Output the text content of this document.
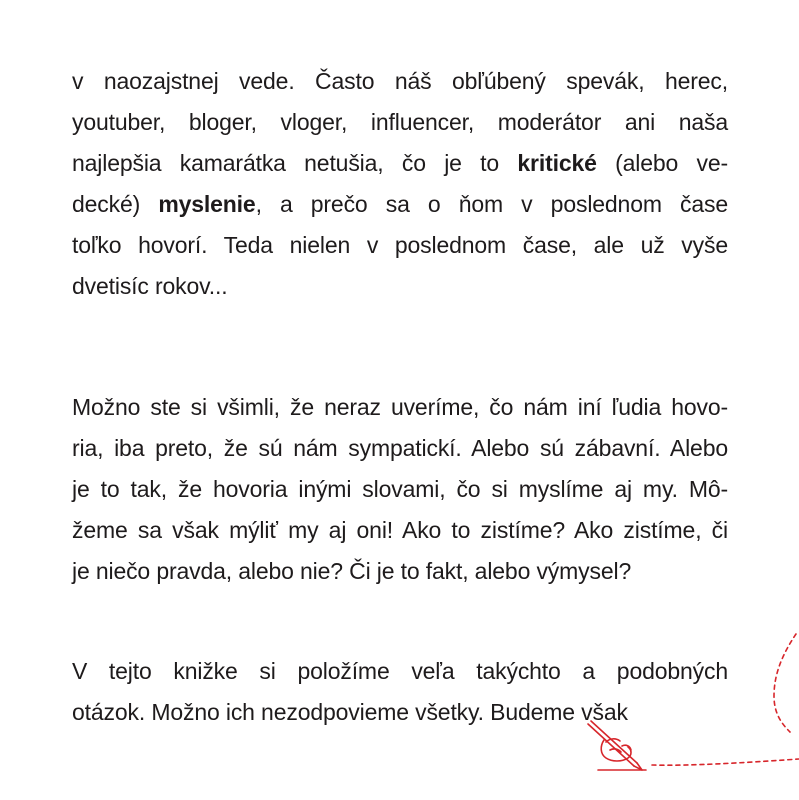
v naozajstnej vede. Často náš obľúbený spevák, herec,
youtuber, bloger, vloger, influencer, moderátor ani naša
najlepšia kamarátka netušia, čo je to kritické (alebo ve-
decké) myslenie, a prečo sa o ňom v poslednom čase
toľko hovorí. Teda nielen v poslednom čase, ale už vyše
dvetisíc rokov...
Možno ste si všimli, že neraz uveríme, čo nám iní ľudia hovo-
ria, iba preto, že sú nám sympatickí. Alebo sú zábavní. Alebo
je to tak, že hovoria inými slovami, čo si myslíme aj my. Mô-
žeme sa však mýliť my aj oni! Ako to zistíme? Ako zistíme, či
je niečo pravda, alebo nie? Či je to fakt, alebo výmysel?
V tejto knižke si položíme veľa takýchto a podobných
otázok. Možno ich nezodpovieme všetky. Budeme však
